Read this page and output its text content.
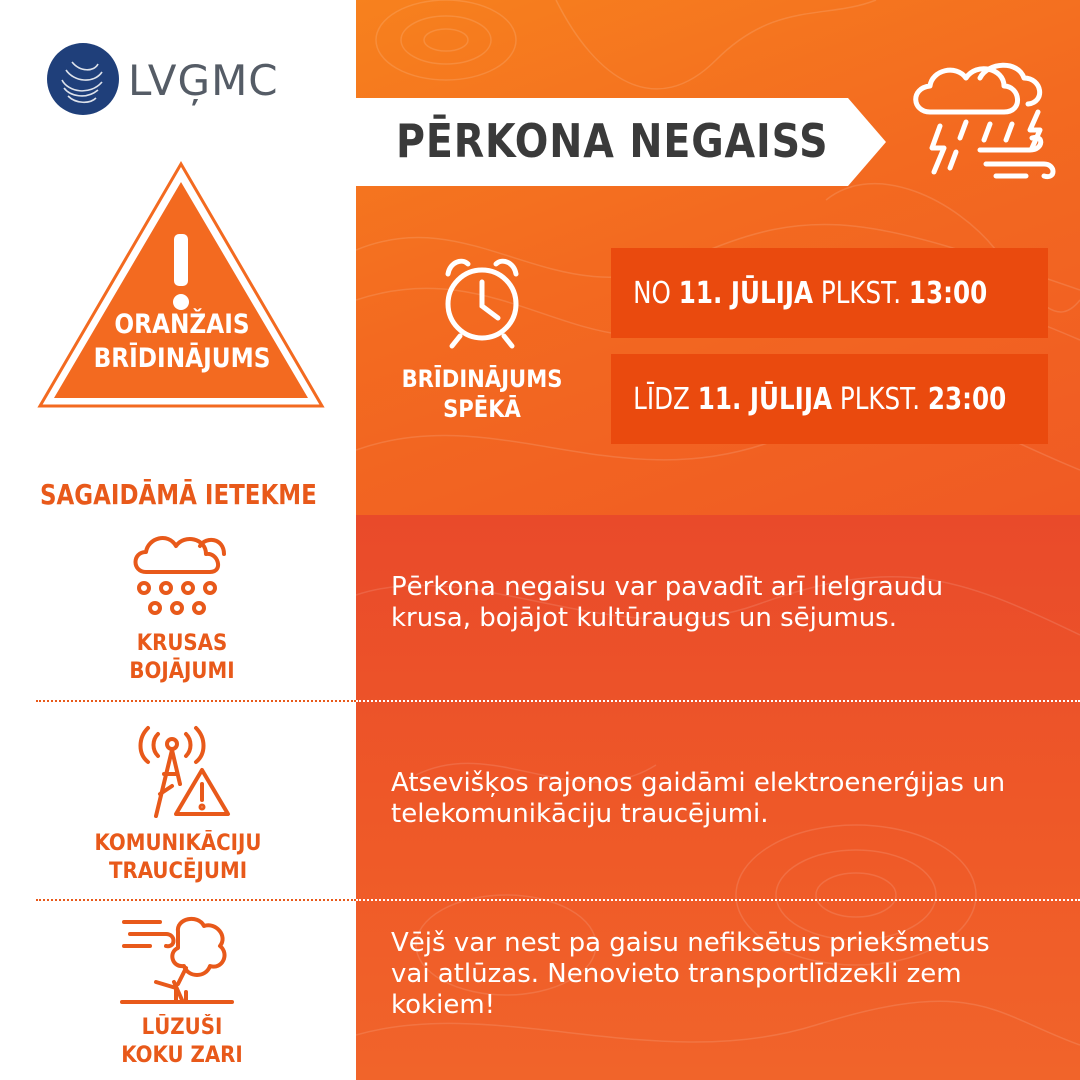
LVĢMC
PĒRKONA NEGAISS
ORANŽAIS
BRĪDINĀJUMS
BRĪDINĀJUMS
SPĒKĀ
NO 11. JŪLIJA PLKST. 13:00
LĪDZ 11. JŪLIJA PLKST. 23:00
SAGAIDĀMĀ IETEKME
KRUSAS
BOJĀJUMI
Pērkona negaisu var pavadīt arī lielgraudu
krusa, bojājot kultūraugus un sējumus.
KOMUNIKĀCIJU
TRAUCĒJUMI
Atsevišķos rajonos gaidāmi elektroenerģijas un
telekomunikāciju traucējumi.
LŪZUŠI
KOKU ZARI
Vējš var nest pa gaisu nefiksētus priekšmetus
vai atlūzas. Nenovieto transportlīdzekli zem
kokiem!
